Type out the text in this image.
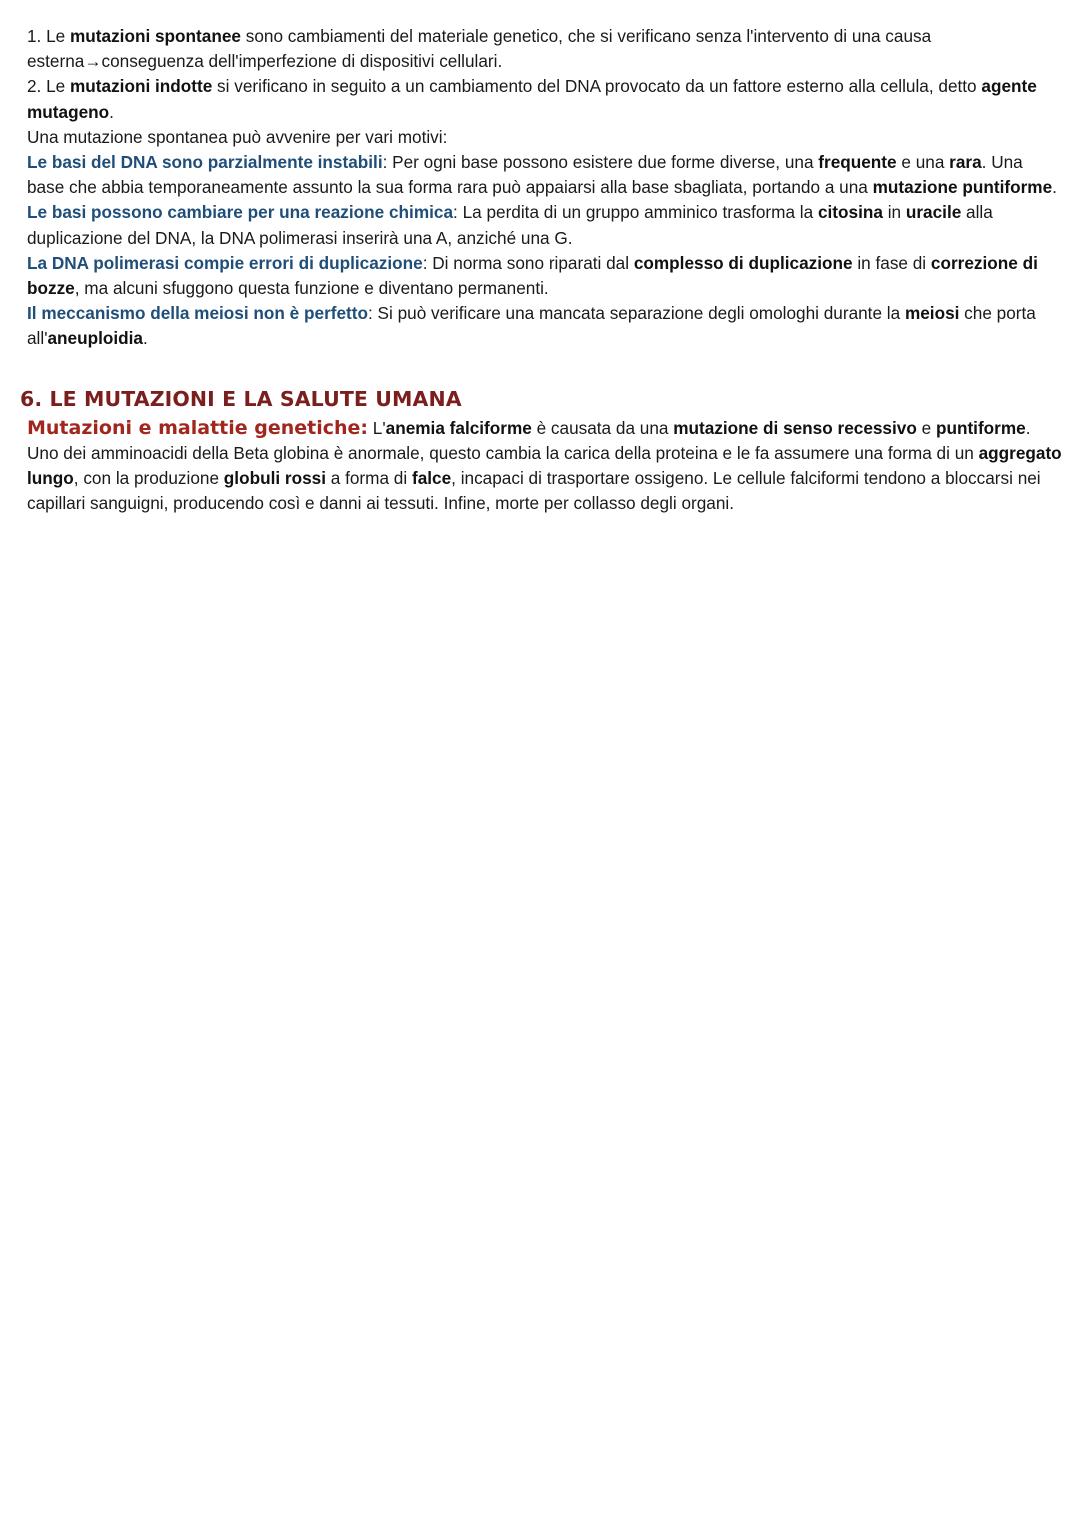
1. Le mutazioni spontanee sono cambiamenti del materiale genetico, che si verificano senza l'intervento di una causa esterna→conseguenza dell'imperfezione di dispositivi cellulari.

2. Le mutazioni indotte si verificano in seguito a un cambiamento del DNA provocato da un fattore esterno alla cellula, detto agente mutageno.

Una mutazione spontanea può avvenire per vari motivi:

Le basi del DNA sono parzialmente instabili: Per ogni base possono esistere due forme diverse, una frequente e una rara. Una base che abbia temporaneamente assunto la sua forma rara può appaiarsi alla base sbagliata, portando a una mutazione puntiforme.

Le basi possono cambiare per una reazione chimica: La perdita di un gruppo amminico trasforma la citosina in uracile alla duplicazione del DNA, la DNA polimerasi inserirà una A, anziché una G.

La DNA polimerasi compie errori di duplicazione: Di norma sono riparati dal complesso di duplicazione in fase di correzione di bozze, ma alcuni sfuggono questa funzione e diventano permanenti.

Il meccanismo della meiosi non è perfetto: Si può verificare una mancata separazione degli omologhi durante la meiosi che porta all'aneuploidia.

6. LE MUTAZIONI E LA SALUTE UMANA

Mutazioni e malattie genetiche: L'anemia falciforme è causata da una mutazione di senso recessivo e puntiforme. Uno dei amminoacidi della Beta globina è anormale, questo cambia la carica della proteina e le fa assumere una forma di un aggregato lungo, con la produzione globuli rossi a forma di falce, incapaci di trasportare ossigeno. Le cellule falciformi tendono a bloccarsi nei capillari sanguigni, producendo così e danni ai tessuti. Infine, morte per collasso degli organi.
